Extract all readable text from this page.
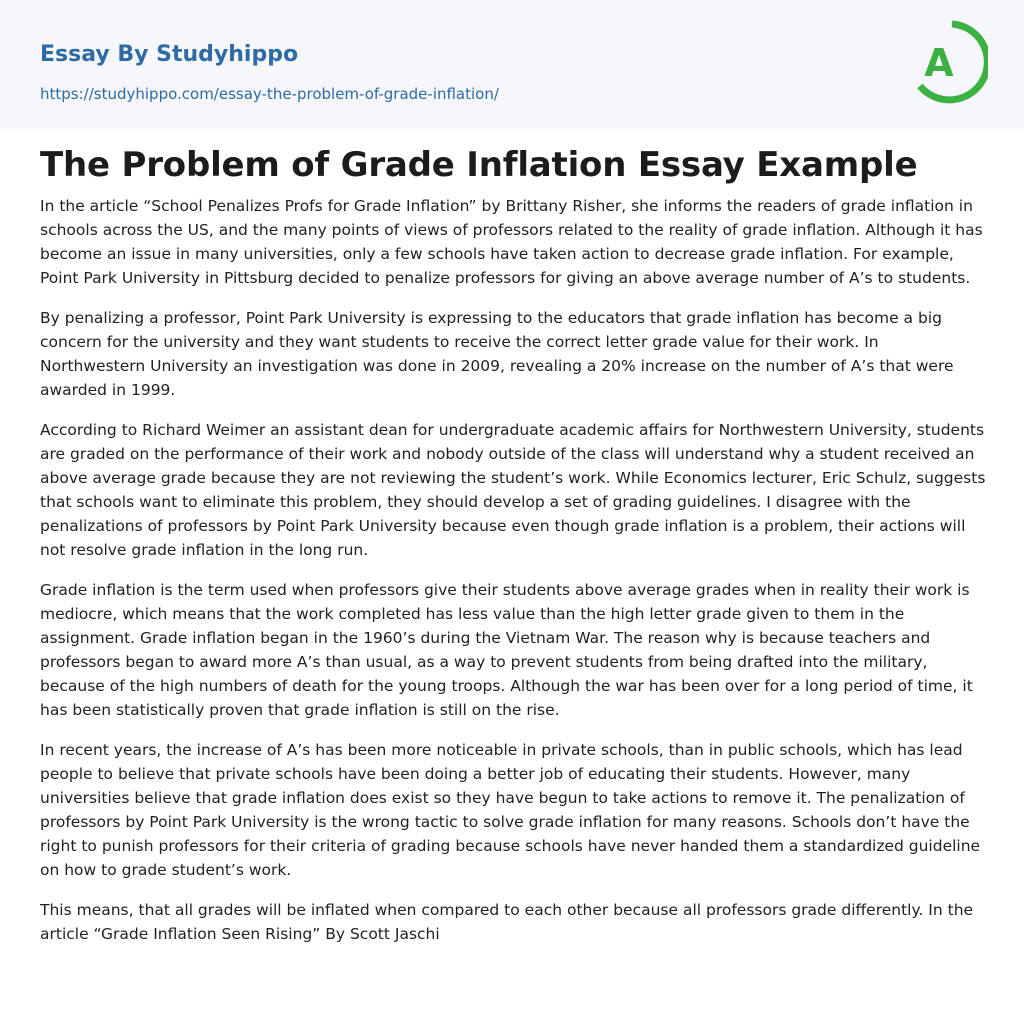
Essay By Studyhippo
https://studyhippo.com/essay-the-problem-of-grade-inflation/
A
The Problem of Grade Inflation Essay Example

In the article “School Penalizes Profs for Grade Inflation” by Brittany Risher, she informs the readers of grade inflation in schools across the US, and the many points of views of professors related to the reality of grade inflation. Although it has become an issue in many universities, only a few schools have taken action to decrease grade inflation. For example, Point Park University in Pittsburg decided to penalize professors for giving an above average number of A’s to students.

By penalizing a professor, Point Park University is expressing to the educators that grade inflation has become a big concern for the university and they want students to receive the correct letter grade value for their work. In Northwestern University an investigation was done in 2009, revealing a 20% increase on the number of A’s that were awarded in 1999.

According to Richard Weimer an assistant dean for undergraduate academic affairs for Northwestern University, students are graded on the performance of their work and nobody outside of the class will understand why a student received an above average grade because they are not reviewing the student’s work. While Economics lecturer, Eric Schulz, suggests that schools want to eliminate this problem, they should develop a set of grading guidelines. I disagree with the penalizations of professors by Point Park University because even though grade inflation is a problem, their actions will not resolve grade inflation in the long run.

Grade inflation is the term used when professors give their students above average grades when in reality their work is mediocre, which means that the work completed has less value than the high letter grade given to them in the assignment. Grade inflation began in the 1960’s during the Vietnam War. The reason why is because teachers and professors began to award more A’s than usual, as a way to prevent students from being drafted into the military, because of the high numbers of death for the young troops. Although the war has been over for a long period of time, it has been statistically proven that grade inflation is still on the rise.

In recent years, the increase of A’s has been more noticeable in private schools, than in public schools, which has lead people to believe that private schools have been doing a better job of educating their students. However, many universities believe that grade inflation does exist so they have begun to take actions to remove it. The penalization of professors by Point Park University is the wrong tactic to solve grade inflation for many reasons. Schools don’t have the right to punish professors for their criteria of grading because schools have never handed them a standardized guideline on how to grade student’s work.

This means, that all grades will be inflated when compared to each other because all professors grade differently. In the article “Grade Inflation Seen Rising” By Scott Jaschi
